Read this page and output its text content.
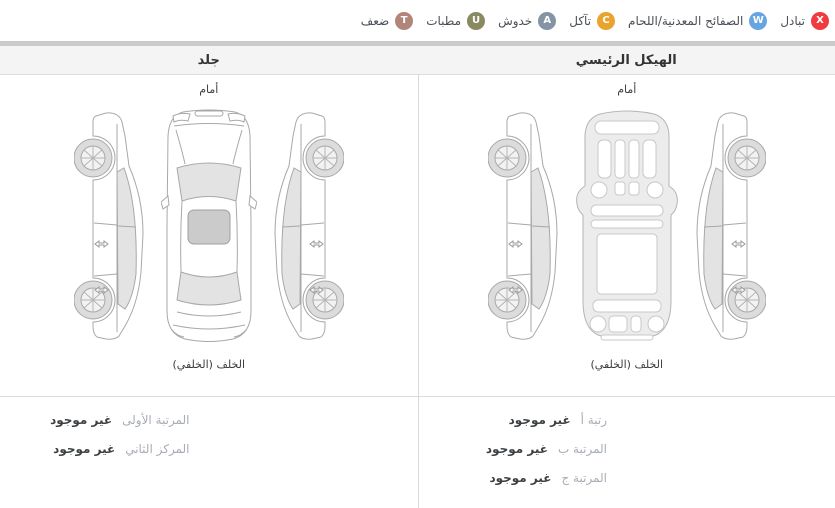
X
تبادل
W
الصفائح المعدنية/اللحام
C
تآكل
A
خدوش
U
مطبات
T
ضعف
جلد	الهيكل الرئيسي
أمام
الخلف (الخلفي)
أمام
الخلف (الخلفي)
المرتبة الأولى
غير موجود
المركز الثاني
غير موجود
رتبة أ
غير موجود
المرتبة ب
غير موجود
المرتبة ج
غير موجود
